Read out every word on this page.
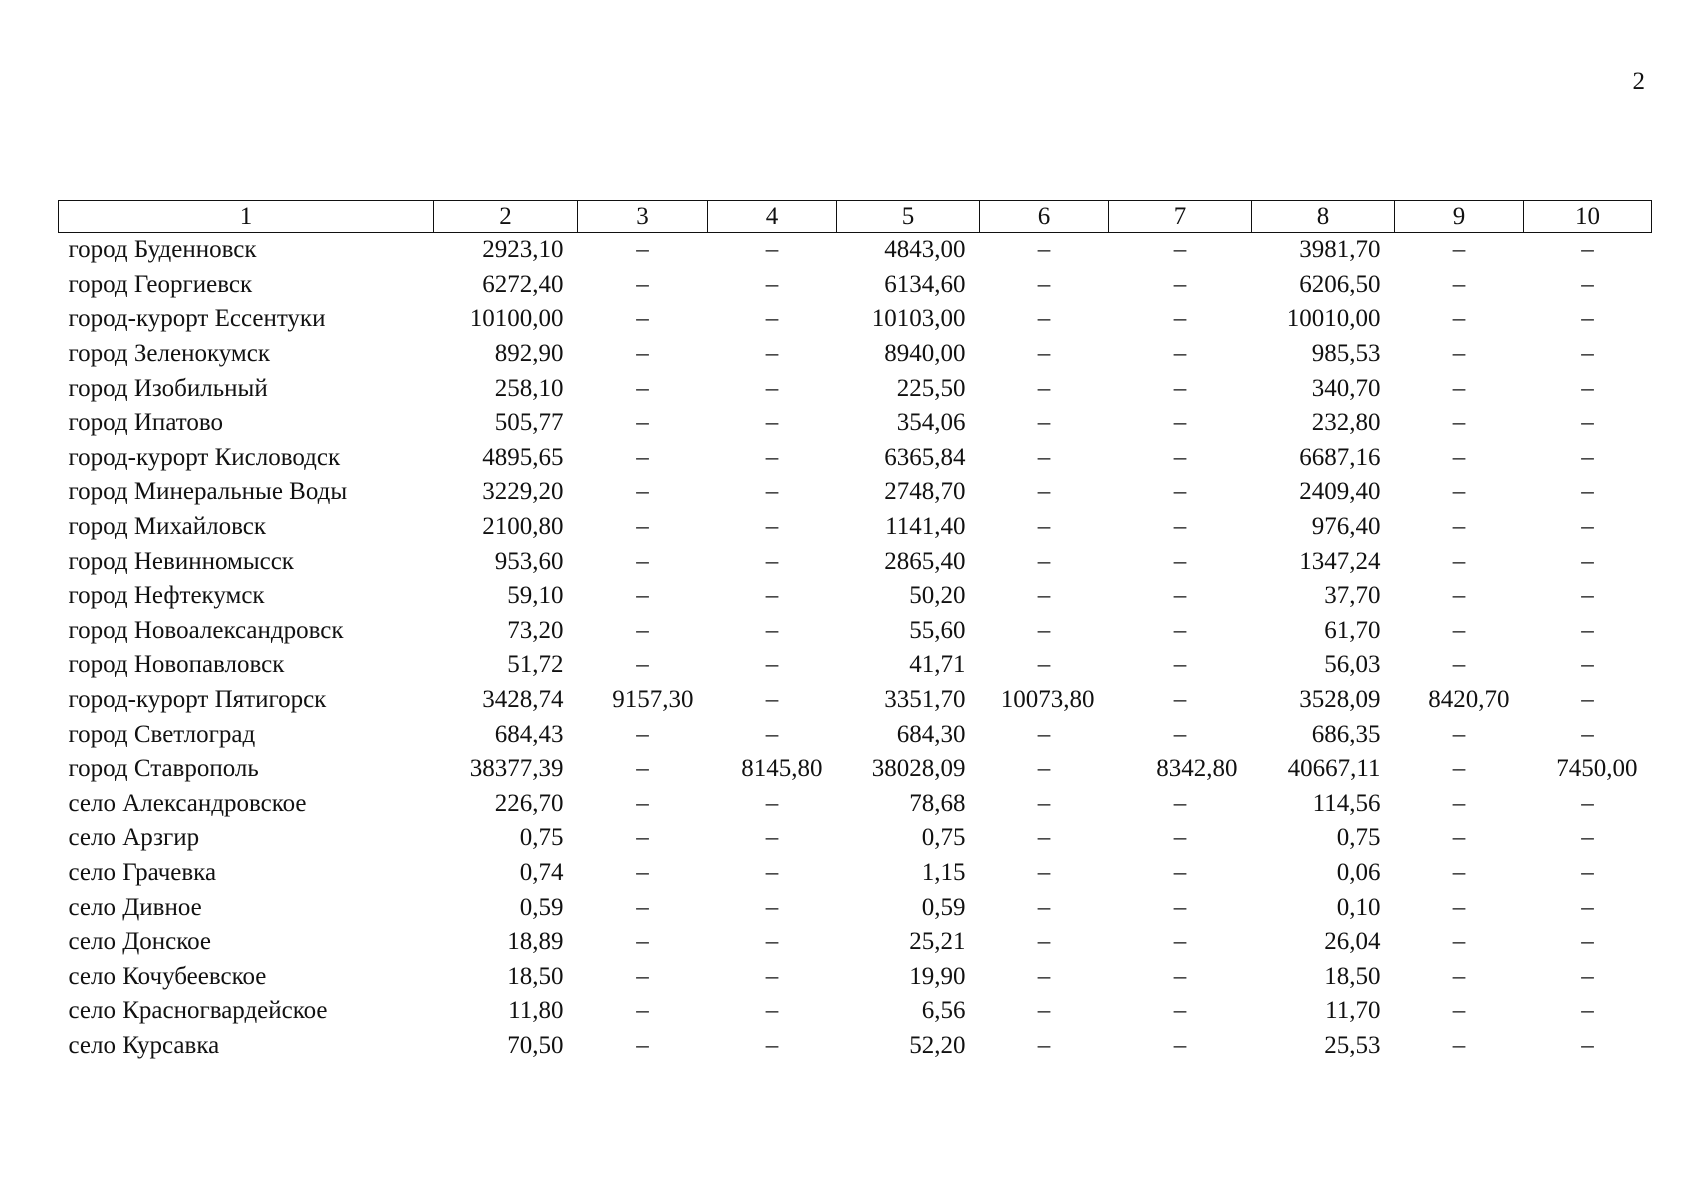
2
1	2	3	4	5	6	7	8	9	10
город Буденновск	2923,10	–	–	4843,00	–	–	3981,70	–	–
город Георгиевск	6272,40	–	–	6134,60	–	–	6206,50	–	–
город-курорт Ессентуки	10100,00	–	–	10103,00	–	–	10010,00	–	–
город Зеленокумск	892,90	–	–	8940,00	–	–	985,53	–	–
город Изобильный	258,10	–	–	225,50	–	–	340,70	–	–
город Ипатово	505,77	–	–	354,06	–	–	232,80	–	–
город-курорт Кисловодск	4895,65	–	–	6365,84	–	–	6687,16	–	–
город Минеральные Воды	3229,20	–	–	2748,70	–	–	2409,40	–	–
город Михайловск	2100,80	–	–	1141,40	–	–	976,40	–	–
город Невинномысск	953,60	–	–	2865,40	–	–	1347,24	–	–
город Нефтекумск	59,10	–	–	50,20	–	–	37,70	–	–
город Новоалександровск	73,20	–	–	55,60	–	–	61,70	–	–
город Новопавловск	51,72	–	–	41,71	–	–	56,03	–	–
город-курорт Пятигорск	3428,74	9157,30	–	3351,70	10073,80	–	3528,09	8420,70	–
город Светлоград	684,43	–	–	684,30	–	–	686,35	–	–
город Ставрополь	38377,39	–	8145,80	38028,09	–	8342,80	40667,11	–	7450,00
село Александровское	226,70	–	–	78,68	–	–	114,56	–	–
село Арзгир	0,75	–	–	0,75	–	–	0,75	–	–
село Грачевка	0,74	–	–	1,15	–	–	0,06	–	–
село Дивное	0,59	–	–	0,59	–	–	0,10	–	–
село Донское	18,89	–	–	25,21	–	–	26,04	–	–
село Кочубеевское	18,50	–	–	19,90	–	–	18,50	–	–
село Красногвардейское	11,80	–	–	6,56	–	–	11,70	–	–
село Курсавка	70,50	–	–	52,20	–	–	25,53	–	–
